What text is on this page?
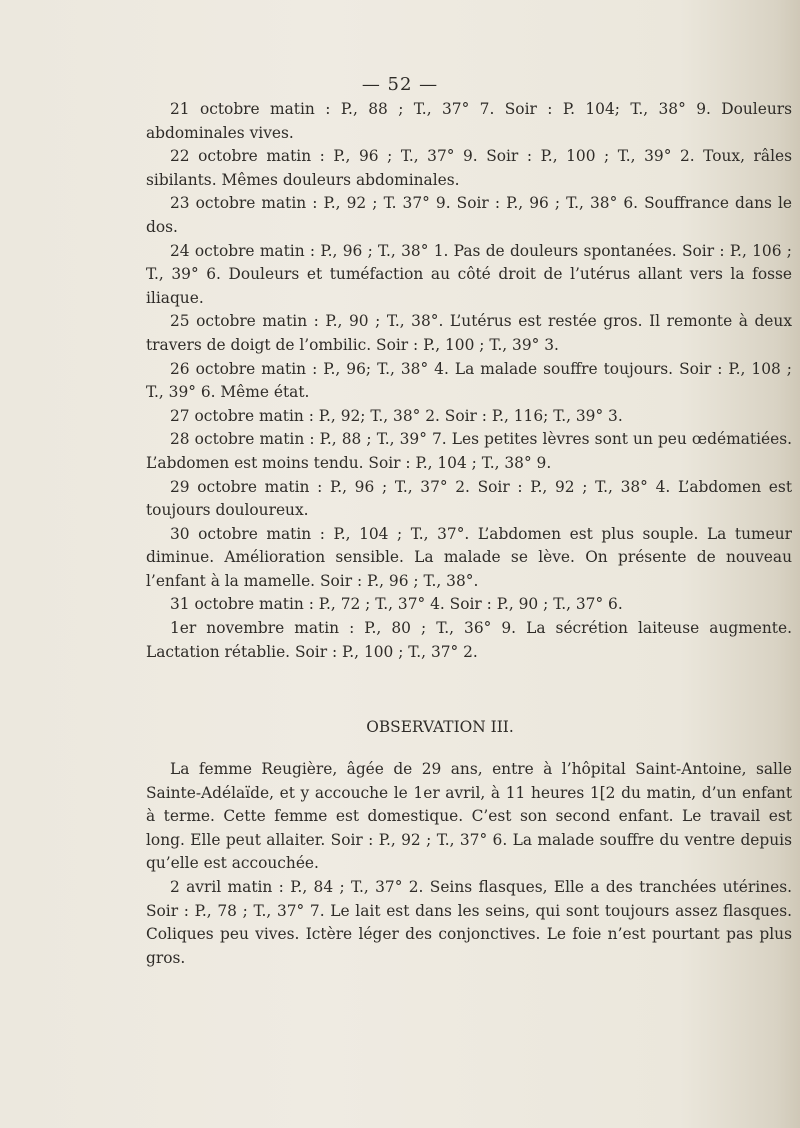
— 52 —

21 octobre matin : P., 88 ; T., 37° 7. Soir : P. 104; T., 38° 9. Douleurs abdominales vives.

22 octobre matin : P., 96 ; T., 37° 9. Soir : P., 100 ; T., 39° 2. Toux, râles sibilants. Mêmes douleurs abdominales.

23 octobre matin : P., 92 ; T. 37° 9. Soir : P., 96 ; T., 38° 6. Souffrance dans le dos.

24 octobre matin : P., 96 ; T., 38° 1. Pas de douleurs spontanées. Soir : P., 106 ; T., 39° 6. Douleurs et tuméfaction au côté droit de l’utérus allant vers la fosse iliaque.

25 octobre matin : P., 90 ; T., 38°. L’utérus est restée gros. Il remonte à deux travers de doigt de l’ombilic. Soir : P., 100 ; T., 39° 3.

26 octobre matin : P., 96; T., 38° 4. La malade souffre toujours. Soir : P., 108 ; T., 39° 6. Même état.

27 octobre matin : P., 92; T., 38° 2. Soir : P., 116; T., 39° 3.

28 octobre matin : P., 88 ; T., 39° 7. Les petites lèvres sont un peu œdématiées. L’abdomen est moins tendu. Soir : P., 104 ; T., 38° 9.

29 octobre matin : P., 96 ; T., 37° 2. Soir : P., 92 ; T., 38° 4. L’abdomen est toujours douloureux.

30 octobre matin : P., 104 ; T., 37°. L’abdomen est plus souple. La tumeur diminue. Amélioration sensible. La malade se lève. On présente de nouveau l’enfant à la mamelle. Soir : P., 96 ; T., 38°.

31 octobre matin : P., 72 ; T., 37° 4. Soir : P., 90 ; T., 37° 6.

1er novembre matin : P., 80 ; T., 36° 9. La sécrétion laiteuse augmente. Lactation rétablie. Soir : P., 100 ; T., 37° 2.

OBSERVATION III.

La femme Reugière, âgée de 29 ans, entre à l’hôpital Saint-Antoine, salle Sainte-Adélaïde, et y accouche le 1er avril, à 11 heures 1[2 du matin, d’un enfant à terme. Cette femme est domestique. C’est son second enfant. Le travail est long. Elle peut allaiter. Soir : P., 92 ; T., 37° 6. La malade souffre du ventre depuis qu’elle est accouchée.

2 avril matin : P., 84 ; T., 37° 2. Seins flasques, Elle a des tranchées utérines. Soir : P., 78 ; T., 37° 7. Le lait est dans les seins, qui sont toujours assez flasques. Coliques peu vives. Ictère léger des conjonctives. Le foie n’est pourtant pas plus gros.
